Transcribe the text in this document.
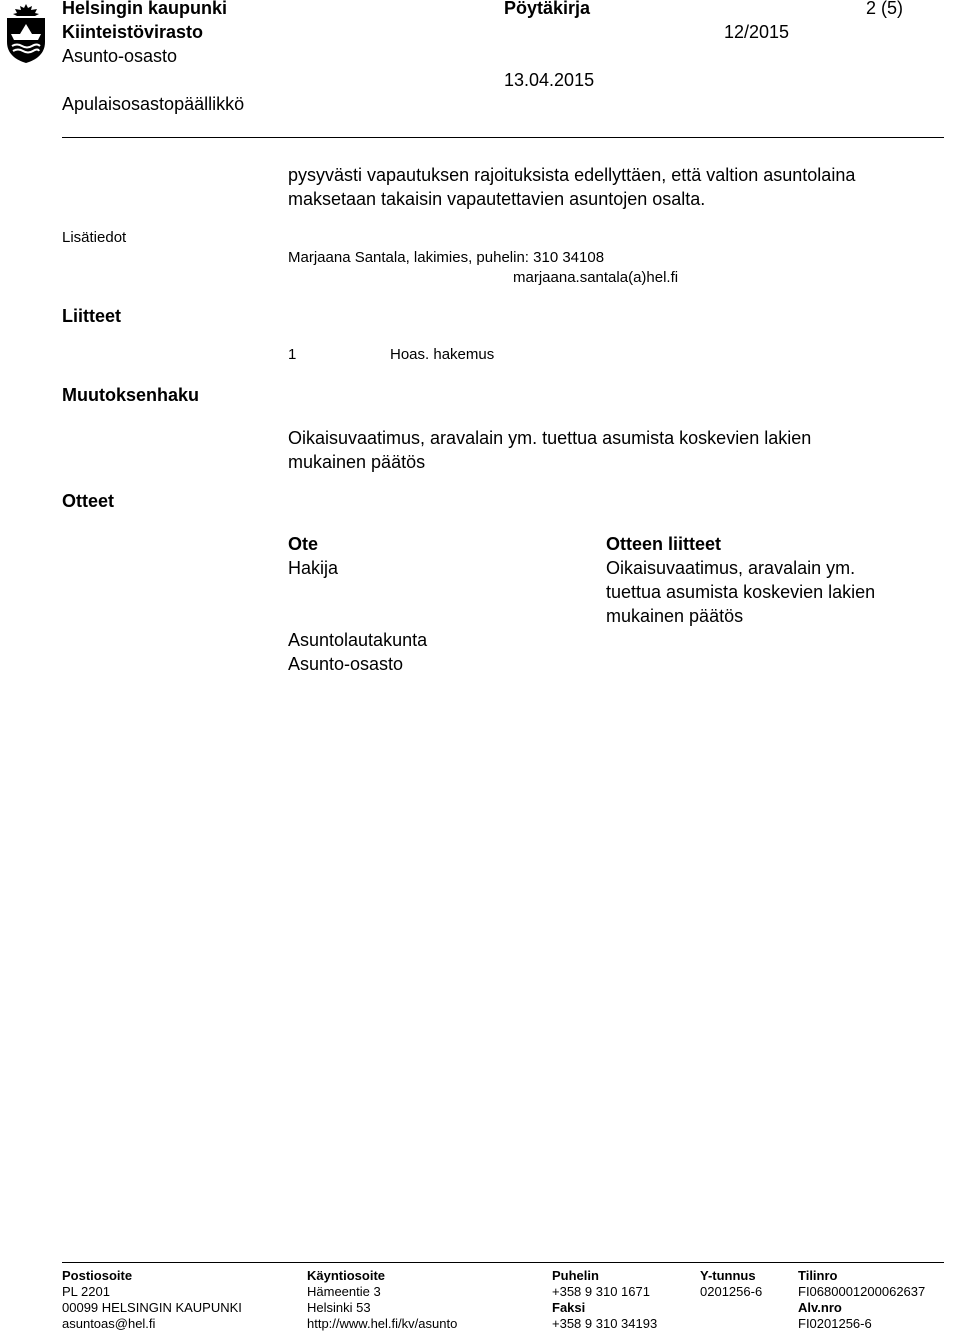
Helsingin kaupunki
Kiinteistövirasto
Asunto-osasto
Apulaisosastopäällikkö
Pöytäkirja	2 (5)
12/2015
13.04.2015
pysyvästi vapautuksen rajoituksista edellyttäen, että valtion asuntolaina
maksetaan takaisin vapautettavien asuntojen osalta.
Lisätiedot
Marjaana Santala, lakimies, puhelin: 310 34108
marjaana.santala(a)hel.fi
Liitteet
1	Hoas. hakemus
Muutoksenhaku
Oikaisuvaatimus, aravalain ym. tuettua asumista koskevien lakien
mukainen päätös
Otteet
Ote
Hakija
Asuntolautakunta
Asunto-osasto
Otteen liitteet
Oikaisuvaatimus, aravalain ym.
tuettua asumista koskevien lakien
mukainen päätös
Postiosoite
PL 2201
00099 HELSINGIN KAUPUNKI
asuntoas@hel.fi
Käyntiosoite
Hämeentie 3
Helsinki 53
http://www.hel.fi/kv/asunto
Puhelin
+358 9 310 1671
Faksi
+358 9 310 34193
Y-tunnus
0201256-6
Tilinro
FI0680001200062637
Alv.nro
FI0201256-6
